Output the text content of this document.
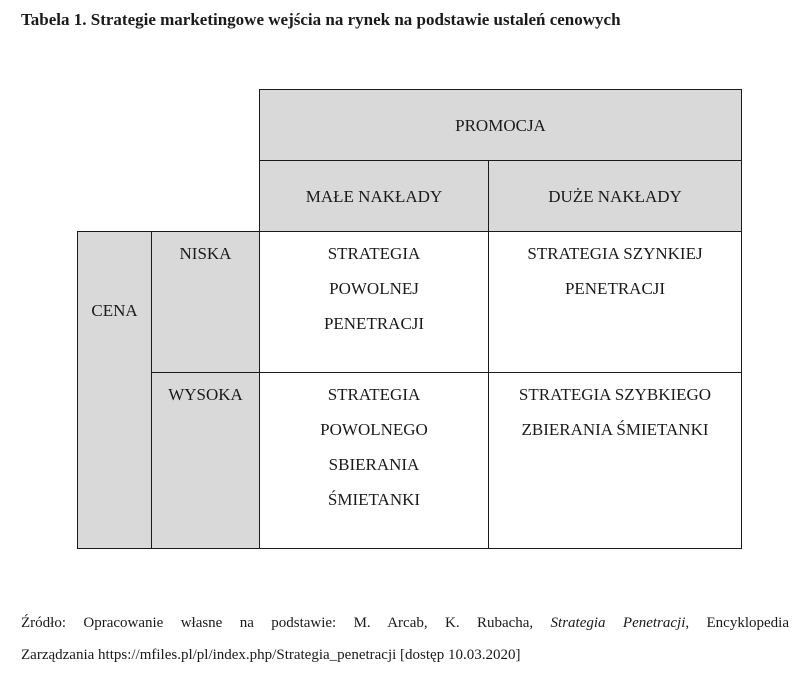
Tabela 1. Strategie marketingowe wejścia na rynek na podstawie ustaleń cenowych
PROMOCJA
MAŁE NAKŁADY	DUŻE NAKŁADY
CENA
NISKA
WYSOKA
STRATEGIA
POWOLNEJ
PENETRACJI
STRATEGIA SZYNKIEJ
PENETRACJI
STRATEGIA
POWOLNEGO
SBIERANIA
ŚMIETANKI
STRATEGIA SZYBKIEGO
ZBIERANIA ŚMIETANKI
Źródło: Opracowanie własne na podstawie: M. Arcab, K. Rubacha, Strategia Penetracji, Encyklopedia
Zarządzania https://mfiles.pl/pl/index.php/Strategia_penetracji [dostęp 10.03.2020]
